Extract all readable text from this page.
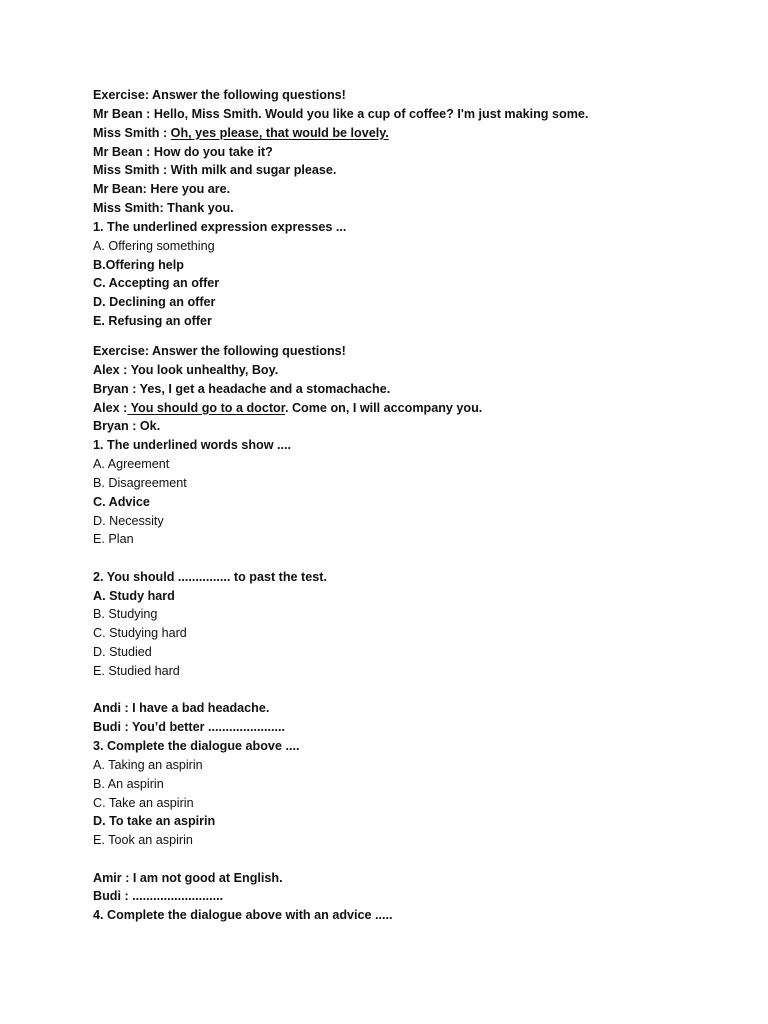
Exercise: Answer the following questions!
Mr Bean : Hello, Miss Smith. Would you like a cup of coffee? I'm just making some.
Miss Smith : Oh, yes please, that would be lovely.
Mr Bean : How do you take it?
Miss Smith : With milk and sugar please.
Mr Bean: Here you are.
Miss Smith: Thank you.
1. The underlined expression expresses ...
A. Offering something
B.Offering help
C. Accepting an offer
D. Declining an offer
E. Refusing an offer
Exercise: Answer the following questions!
Alex : You look unhealthy, Boy.
Bryan : Yes, I get a headache and a stomachache.
Alex : You should go to a doctor. Come on, I will accompany you.
Bryan : Ok.
1. The underlined words show ....
A. Agreement
B. Disagreement
C. Advice
D. Necessity
E. Plan
2. You should ............... to past the test.
A. Study hard
B. Studying
C. Studying hard
D. Studied
E. Studied hard
Andi : I have a bad headache.
Budi : You’d better ......................
3. Complete the dialogue above ....
A. Taking an aspirin
B. An aspirin
C. Take an aspirin
D. To take an aspirin
E. Took an aspirin
Amir : I am not good at English.
Budi : ..........................
4. Complete the dialogue above with an advice .....
